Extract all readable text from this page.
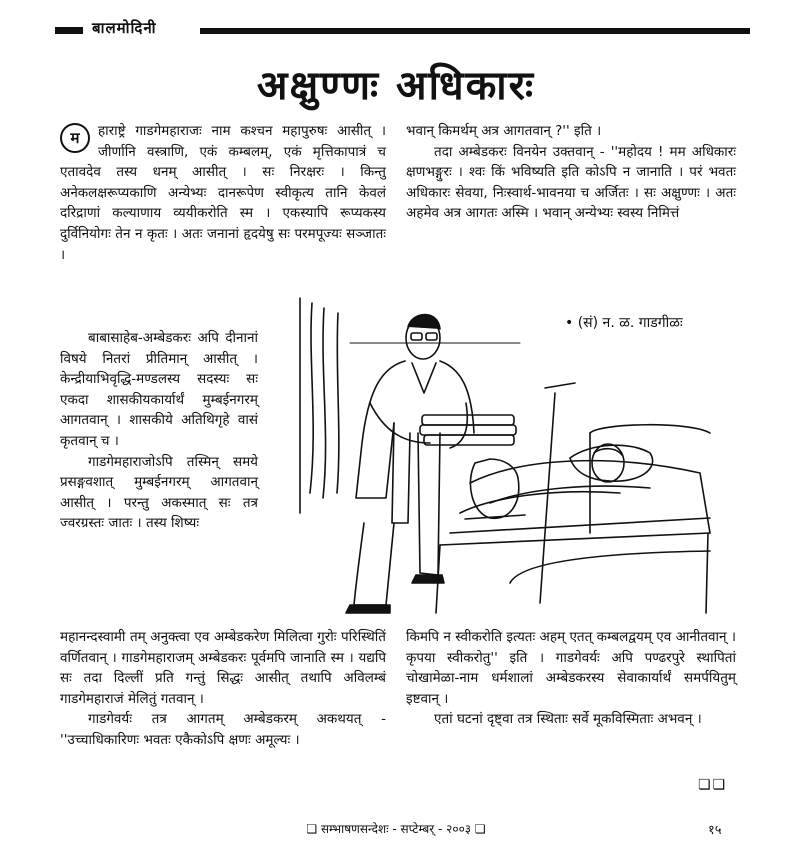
बालमोदिनी
अक्षुण्णः अधिकारः

म	हाराष्ट्रे गाडगेमहाराजः नाम कश्चन महापुरुषः आसीत् । जीर्णानि वस्त्राणि, एकं कम्बलम्, एकं मृत्तिकापात्रं च एतावदेव तस्य धनम् आसीत् । सः निरक्षरः । किन्तु अनेकलक्षरूप्यकाणि अन्येभ्यः दानरूपेण स्वीकृत्य तानि केवलं दरिद्राणां कल्याणाय व्ययीकरोति स्म । एकस्यापि रूप्यकस्य दुर्विनियोगः तेन न कृतः । अतः जनानां हृदयेषु सः परमपूज्यः सञ्जातः ।

बाबासाहेब-अम्बेडकरः अपि दीनानां विषये नितरां प्रीतिमान् आसीत् । केन्द्रीयाभिवृद्धि-मण्डलस्य सदस्यः सः एकदा शासकीयकार्यार्थं मुम्बईनगरम् आगतवान् । शासकीये अतिथिगृहे वासं कृतवान् च ।

गाडगेमहाराजोऽपि तस्मिन् समये प्रसङ्गवशात् मुम्बईनगरम् आगतवान् आसीत् । परन्तु अकस्मात् सः तत्र ज्वरग्रस्तः जातः । तस्य शिष्यः

महानन्दस्वामी तम् अनुक्त्वा एव अम्बेडकरेण मिलित्वा गुरोः परिस्थितिं वर्णितवान् । गाडगेमहाराजम् अम्बेडकरः पूर्वमपि जानाति स्म । यद्यपि सः तदा दिल्लीं प्रति गन्तुं सिद्धः आसीत् तथापि अविलम्बं गाडगेमहाराजं मेलितुं गतवान् ।

गाडगेवर्यः तत्र आगतम् अम्बेडकरम् अकथयत् - ''उच्चाधिकारिणः भवतः एकैकोऽपि क्षणः अमूल्यः ।

भवान् किमर्थम् अत्र आगतवान् ?'' इति ।

तदा अम्बेडकरः विनयेन उक्तवान् - ''महोदय ! मम अधिकारः क्षणभङ्गुरः । श्वः किं भविष्यति इति कोऽपि न जानाति । परं भवतः अधिकारः सेवया, निःस्वार्थ-भावनया च अर्जितः । सः अक्षुण्णः । अतः अहमेव अत्र आगतः अस्मि । भवान् अन्येभ्यः स्वस्य निमित्तं

• (सं) न. ळ. गाडगीळः

किमपि न स्वीकरोति इत्यतः अहम् एतत् कम्बलद्वयम् एव आनीतवान् । कृपया स्वीकरोतु'' इति । गाडगेवर्यः अपि पण्ढरपुरे स्थापितां चोखामेळा-नाम धर्मशालां अम्बेडकरस्य सेवाकार्यार्थं समर्पयितुम् इष्टवान् ।

एतां घटनां दृष्ट्वा तत्र स्थिताः सर्वे मूकविस्मिताः अभवन् ।

❏❏
❏ सम्भाषणसन्देशः - सप्टेम्बर् - २००३ ❏	१५
